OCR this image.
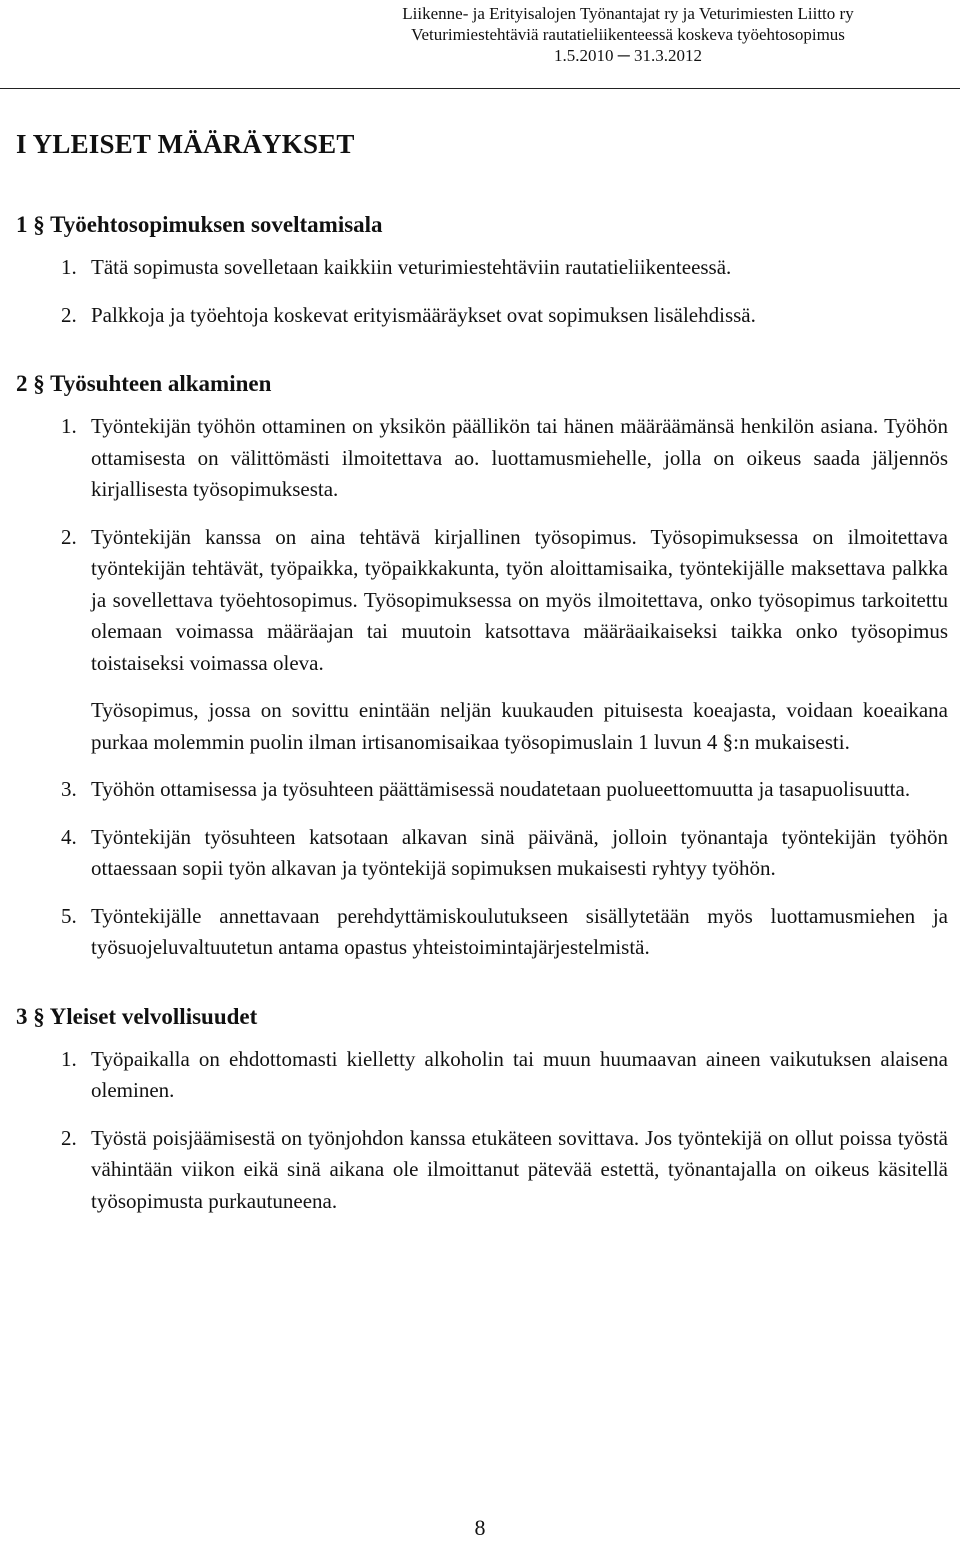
Liikenne- ja Erityisalojen Työnantajat ry ja Veturimiesten Liitto ry
Veturimiestehtäviä rautatieliikenteessä koskeva työehtosopimus
1.5.2010 ─ 31.3.2012
I YLEISET MÄÄRÄYKSET
1 § Työehtosopimuksen soveltamisala
1. Tätä sopimusta sovelletaan kaikkiin veturimiestehtäviin rautatieliikenteessä.
2. Palkkoja ja työehtoja koskevat erityismääräykset ovat sopimuksen lisälehdissä.
2 § Työsuhteen alkaminen
1. Työntekijän työhön ottaminen on yksikön päällikön tai hänen määräämänsä henkilön asiana. Työhön ottamisesta on välittömästi ilmoitettava ao. luottamusmiehelle, jolla on oikeus saada jäljennös kirjallisesta työsopimuksesta.
2. Työntekijän kanssa on aina tehtävä kirjallinen työsopimus. Työsopimuksessa on ilmoitettava työntekijän tehtävät, työpaikka, työpaikkakunta, työn aloittamisaika, työntekijälle maksettava palkka ja sovellettava työehtosopimus. Työsopimuksessa on myös ilmoitettava, onko työsopimus tarkoitettu olemaan voimassa määräajan tai muutoin katsottava määräaikaiseksi taikka onko työsopimus toistaiseksi voimassa oleva.
Työsopimus, jossa on sovittu enintään neljän kuukauden pituisesta koeajasta, voidaan koeaikana purkaa molemmin puolin ilman irtisanomisaikaa työsopimuslain 1 luvun 4 §:n mukaisesti.
3. Työhön ottamisessa ja työsuhteen päättämisessä noudatetaan puolueettomuutta ja tasapuolisuutta.
4. Työntekijän työsuhteen katsotaan alkavan sinä päivänä, jolloin työnantaja työntekijän työhön ottaessaan sopii työn alkavan ja työntekijä sopimuksen mukaisesti ryhtyy työhön.
5. Työntekijälle annettavaan perehdyttämiskoulutukseen sisällytetään myös luottamusmiehen ja työsuojeluvaltuutetun antama opastus yhteistoimintajärjestelmistä.
3 § Yleiset velvollisuudet
1. Työpaikalla on ehdottomasti kielletty alkoholin tai muun huumaavan aineen vaikutuksen alaisena oleminen.
2. Työstä poisjäämisestä on työnjohdon kanssa etukäteen sovittava. Jos työntekijä on ollut poissa työstä vähintään viikon eikä sinä aikana ole ilmoittanut pätevää estettä, työnantajalla on oikeus käsitellä työsopimusta purkautuneena.
8
